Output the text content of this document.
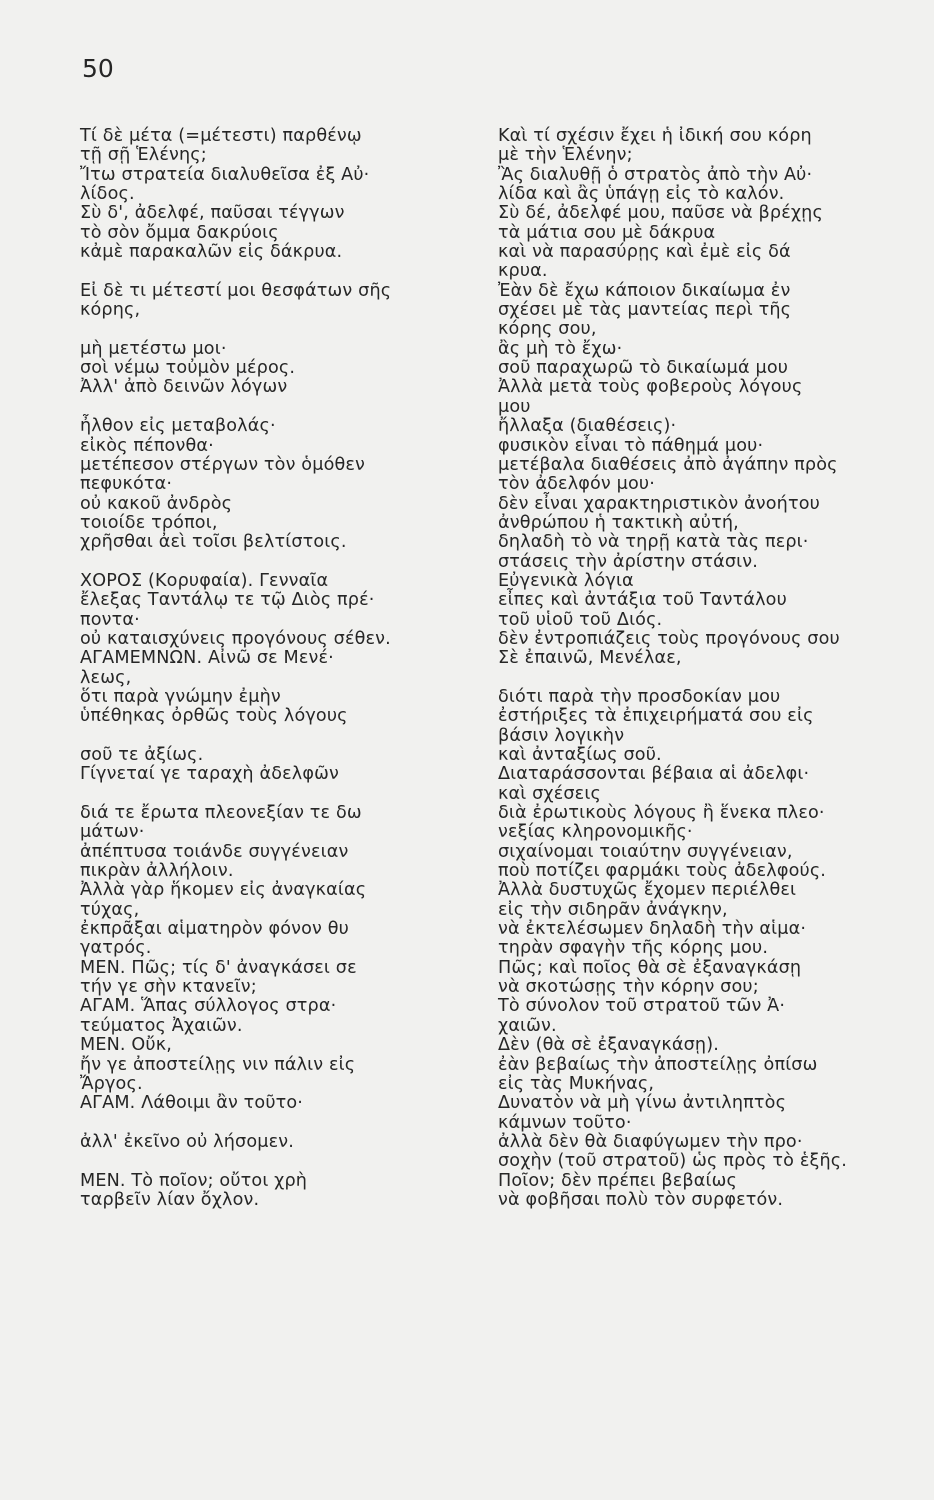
50
Τί δὲ μέτα (=μέτεστι) παρθένῳ
τῇ σῇ Ἑλένης;
Ἴτω στρατεία διαλυθεῖσα ἐξ Αὐ·
λίδος.
Σὺ δ', ἀδελφέ, παῦσαι τέγγων
τὸ σὸν ὄμμα δακρύοις
κἀμὲ παρακαλῶν εἰς δάκρυα.
Εἰ δὲ τι μέτεστί μοι θεσφάτων σῆς
κόρης,
μὴ μετέστω μοι·
σοὶ νέμω τοὐμὸν μέρος.
Ἀλλ' ἀπὸ δεινῶν λόγων
ἦλθον εἰς μεταβολάς·
εἰκὸς πέπονθα·
μετέπεσον στέργων τὸν ὁμόθεν
πεφυκότα·
οὐ κακοῦ ἀνδρὸς
τοιοίδε τρόποι,
χρῆσθαι ἀεὶ τοῖσι βελτίστοις.
ΧΟΡΟΣ (Κορυφαία). Γενναῖα
ἔλεξας Ταντάλῳ τε τῷ Διὸς πρέ·
ποντα·
οὐ καταισχύνεις προγόνους σέθεν.
ΑΓΑΜΕΜΝΩΝ. Αἰνῶ σε Μενέ·
λεως,
ὅτι παρὰ γνώμην ἐμὴν
ὑπέθηκας ὀρθῶς τοὺς λόγους
σοῦ τε ἀξίως.
Γίγνεταί γε ταραχὴ ἀδελφῶν
διά τε ἔρωτα πλεονεξίαν τε δω
μάτων·
ἀπέπτυσα τοιάνδε συγγένειαν
πικρὰν ἀλλήλοιν.
Ἀλλὰ γὰρ ἥκομεν εἰς ἀναγκαίας
τύχας,
ἐκπρᾶξαι αἱματηρὸν φόνον θυ
γατρός.
ΜΕΝ. Πῶς; τίς δ' ἀναγκάσει σε
τήν γε σὴν κτανεῖν;
ΑΓΑΜ. Ἅπας σύλλογος στρα·
τεύματος Ἀχαιῶν.
ΜΕΝ. Οὔκ,
ἤν γε ἀποστείλῃς νιν πάλιν εἰς
Ἄργος.
ΑΓΑΜ. Λάθοιμι ἂν τοῦτο·
ἀλλ' ἐκεῖνο οὐ λήσομεν.
ΜΕΝ. Τὸ ποῖον; οὔτοι χρὴ
ταρβεῖν λίαν ὄχλον.
Καὶ τί σχέσιν ἔχει ἡ ἰδική σου κόρη
μὲ τὴν Ἑλένην;
Ἂς διαλυθῇ ὁ στρατὸς ἀπὸ τὴν Αὐ·
λίδα καὶ ἂς ὑπάγῃ εἰς τὸ καλόν.
Σὺ δέ, ἀδελφέ μου, παῦσε νὰ βρέχῃς
τὰ μάτια σου μὲ δάκρυα
καὶ νὰ παρασύρῃς καὶ ἐμὲ εἰς δά
κρυα.
Ἐὰν δὲ ἔχω κάποιον δικαίωμα ἐν
σχέσει μὲ τὰς μαντείας περὶ τῆς
κόρης σου,
ἂς μὴ τὸ ἔχω·
σοῦ παραχωρῶ τὸ δικαίωμά μου
Ἀλλὰ μετὰ τοὺς φοβεροὺς λόγους
μου
ἤλλαξα (διαθέσεις)·
φυσικὸν εἶναι τὸ πάθημά μου·
μετέβαλα διαθέσεις ἀπὸ ἀγάπην πρὸς
τὸν ἀδελφόν μου·
δὲν εἶναι χαρακτηριστικὸν ἀνοήτου
ἀνθρώπου ἡ τακτικὴ αὐτή,
δηλαδὴ τὸ νὰ τηρῇ κατὰ τὰς περι·
στάσεις τὴν ἀρίστην στάσιν.
Εὐγενικὰ λόγια
εἶπες καὶ ἀντάξια τοῦ Ταντάλου
τοῦ υἱοῦ τοῦ Διός.
δὲν ἐντροπιάζεις τοὺς προγόνους σου
Σὲ ἐπαινῶ, Μενέλαε,
διότι παρὰ τὴν προσδοκίαν μου
ἐστήριξες τὰ ἐπιχειρήματά σου εἰς
βάσιν λογικὴν
καὶ ἀνταξίως σοῦ.
Διαταράσσονται βέβαια αἱ ἀδελφι·
καὶ σχέσεις
διὰ ἐρωτικοὺς λόγους ἢ ἕνεκα πλεο·
νεξίας κληρονομικῆς·
σιχαίνομαι τοιαύτην συγγένειαν,
ποὺ ποτίζει φαρμάκι τοὺς ἀδελφούς.
Ἀλλὰ δυστυχῶς ἔχομεν περιέλθει
εἰς τὴν σιδηρᾶν ἀνάγκην,
νὰ ἐκτελέσωμεν δηλαδὴ τὴν αἱμα·
τηρὰν σφαγὴν τῆς κόρης μου.
Πῶς; καὶ ποῖος θὰ σὲ ἐξαναγκάσῃ
νὰ σκοτώσῃς τὴν κόρην σου;
Τὸ σύνολον τοῦ στρατοῦ τῶν Ἀ·
χαιῶν.
Δὲν (θὰ σὲ ἐξαναγκάσῃ).
ἐὰν βεβαίως τὴν ἀποστείλῃς ὀπίσω
εἰς τὰς Μυκήνας,
Δυνατὸν νὰ μὴ γίνω ἀντιληπτὸς
κάμνων τοῦτο·
ἀλλὰ δὲν θὰ διαφύγωμεν τὴν προ·
σοχὴν (τοῦ στρατοῦ) ὡς πρὸς τὸ ἑξῆς.
Ποῖον; δὲν πρέπει βεβαίως
νὰ φοβῆσαι πολὺ τὸν συρφετόν.
